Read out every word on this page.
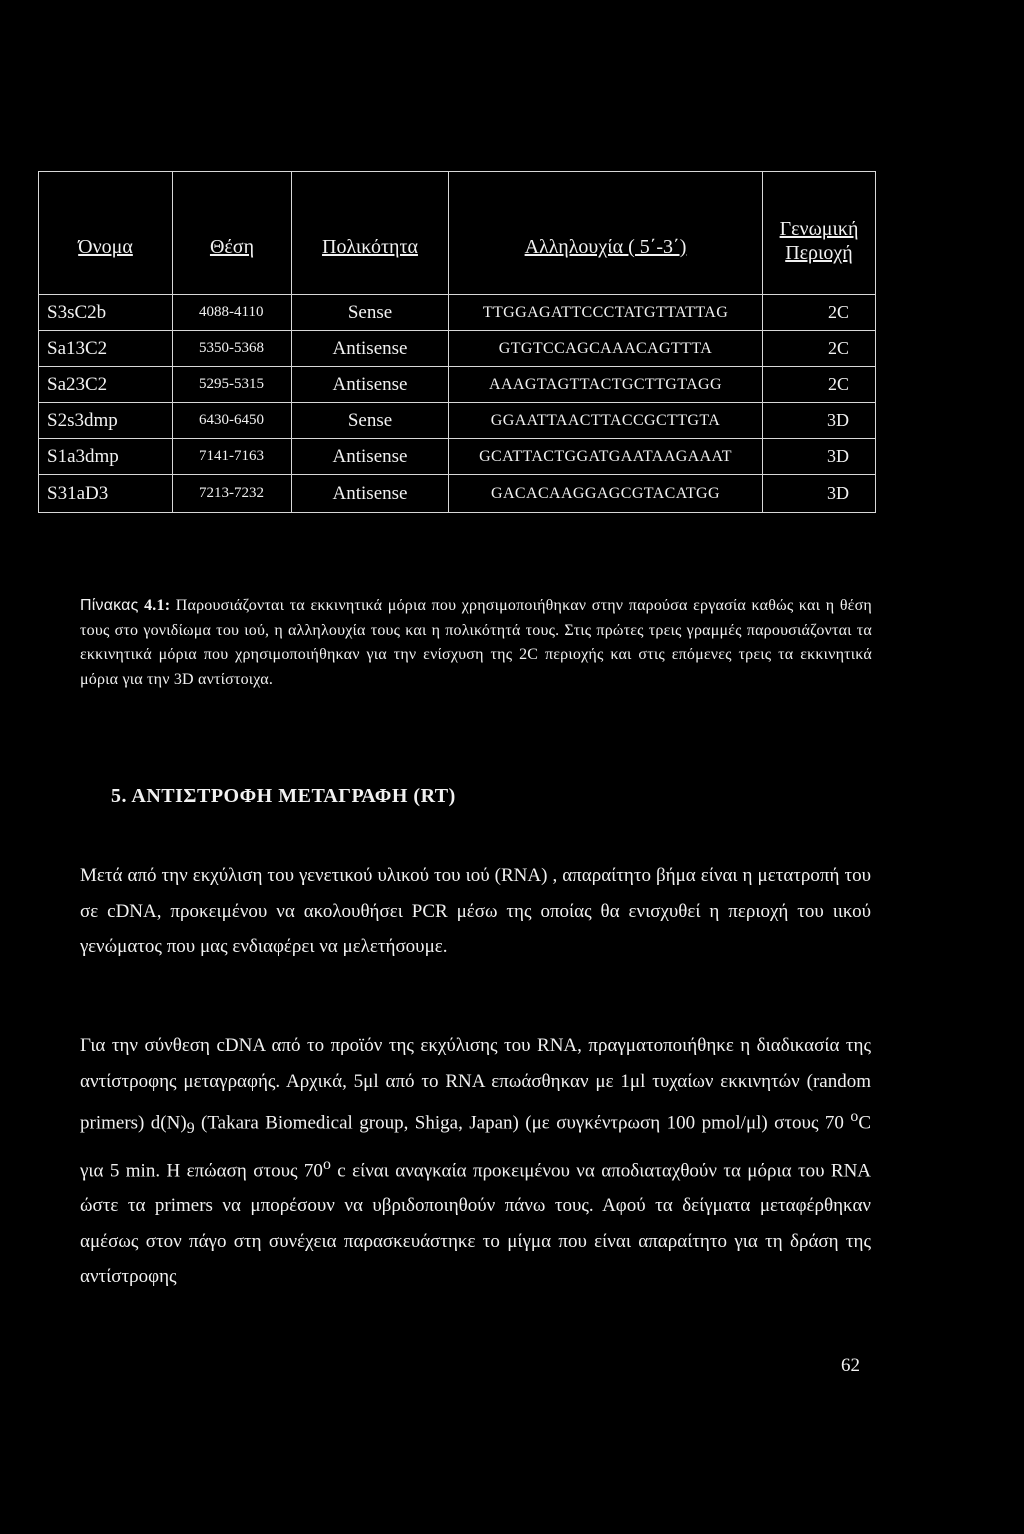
Όνομα	Θέση	Πολικότητα	Αλληλουχία ( 5΄-3΄)	Γενωμική
Περιοχή
S3sC2b	4088-4110	Sense	TTGGAGATTCCCTATGTTATTAG	2C
Sa13C2	5350-5368	Antisense	GTGTCCAGCAAACAGTTTA	2C
Sa23C2	5295-5315	Antisense	AAAGTAGTTACTGCTTGTAGG	2C
S2s3dmp	6430-6450	Sense	GGAATTAACTTACCGCTTGTA	3D
S1a3dmp	7141-7163	Antisense	GCATTACTGGATGAATAAGAAAT	3D
S31aD3	7213-7232	Antisense	GACACAAGGAGCGTACATGG	3D

Πίνακας 4.1: Παρουσιάζονται τα εκκινητικά μόρια που χρησιμοποιήθηκαν στην παρούσα εργασία καθώς και η θέση τους στο γονιδίωμα του ιού, η αλληλουχία τους και η πολικότητά τους. Στις πρώτες τρεις γραμμές παρουσιάζονται τα εκκινητικά μόρια που χρησιμοποιήθηκαν για την ενίσχυση της 2C περιοχής και στις επόμενες τρεις τα εκκινητικά μόρια για την 3D αντίστοιχα.

5. ΑΝΤΙΣΤΡΟΦΗ ΜΕΤΑΓΡΑΦΗ (RT)

Μετά από την εκχύλιση του γενετικού υλικού του ιού (RNA) , απαραίτητο βήμα είναι η μετατροπή του σε cDNA, προκειμένου να ακολουθήσει PCR μέσω της οποίας θα ενισχυθεί η περιοχή του ιικού γενώματος που μας ενδιαφέρει να μελετήσουμε.

Για την σύνθεση cDNA από το προϊόν της εκχύλισης του RNA, πραγματοποιήθηκε η διαδικασία της αντίστροφης μεταγραφής. Αρχικά, 5μl από το RNA επωάσθηκαν με 1μl τυχαίων εκκινητών (random primers) $d(N)_9$ (Takara Biomedical group, Shiga, Japan) (με συγκέντρωση 100 pmol/μl) στους 70 $^o$C για 5 min. Η επώαση στους 70$^o$ c είναι αναγκαία προκειμένου να αποδιαταχθούν τα μόρια του RNA ώστε τα primers να μπορέσουν να υβριδοποιηθούν πάνω τους. Αφού τα δείγματα μεταφέρθηκαν αμέσως στον πάγο στη συνέχεια παρασκευάστηκε το μίγμα που είναι απαραίτητο για τη δράση της αντίστροφης

62
